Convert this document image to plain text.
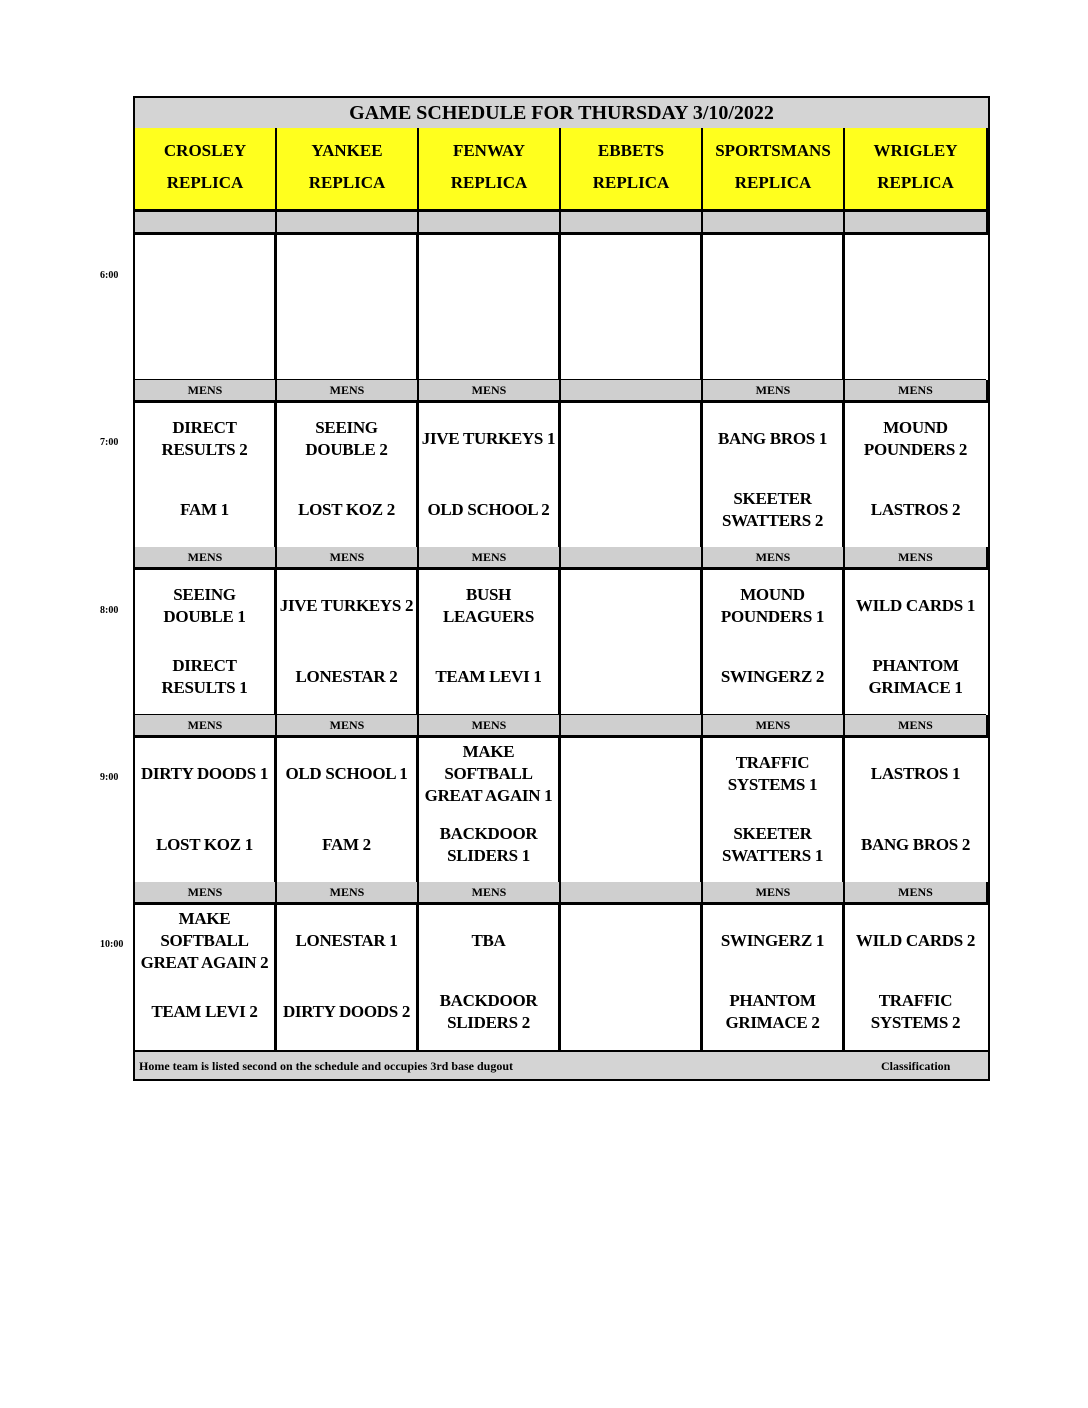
6:00
7:00
8:00
9:00
10:00
GAME SCHEDULE FOR THURSDAY 3/10/2022
CROSLEY
REPLICA
YANKEE
REPLICA
FENWAY
REPLICA
EBBETS
REPLICA
SPORTSMANS
REPLICA
WRIGLEY
REPLICA
MENS
DIRECT RESULTS 2
FAM 1
MENS
SEEING DOUBLE 2
LOST KOZ 2
MENS
JIVE TURKEYS 1
OLD SCHOOL 2
MENS
BANG BROS 1
SKEETER SWATTERS 2
MENS
MOUND POUNDERS 2
LASTROS 2
MENS
SEEING DOUBLE 1
DIRECT RESULTS 1
MENS
JIVE TURKEYS 2
LONESTAR 2
MENS
BUSH LEAGUERS
TEAM LEVI 1
MENS
MOUND POUNDERS 1
SWINGERZ 2
MENS
WILD CARDS 1
PHANTOM GRIMACE 1
MENS
DIRTY DOODS 1
LOST KOZ 1
MENS
OLD SCHOOL 1
FAM 2
MENS
MAKE SOFTBALL GREAT AGAIN 1
BACKDOOR SLIDERS 1
MENS
TRAFFIC SYSTEMS 1
SKEETER SWATTERS 1
MENS
LASTROS 1
BANG BROS 2
MENS
MAKE SOFTBALL GREAT AGAIN 2
TEAM LEVI 2
MENS
LONESTAR 1
DIRTY DOODS 2
MENS
TBA
BACKDOOR SLIDERS 2
MENS
SWINGERZ 1
PHANTOM GRIMACE 2
MENS
WILD CARDS 2
TRAFFIC SYSTEMS 2
Home team is listed second on the schedule and occupies 3rd base dugout	Classification
